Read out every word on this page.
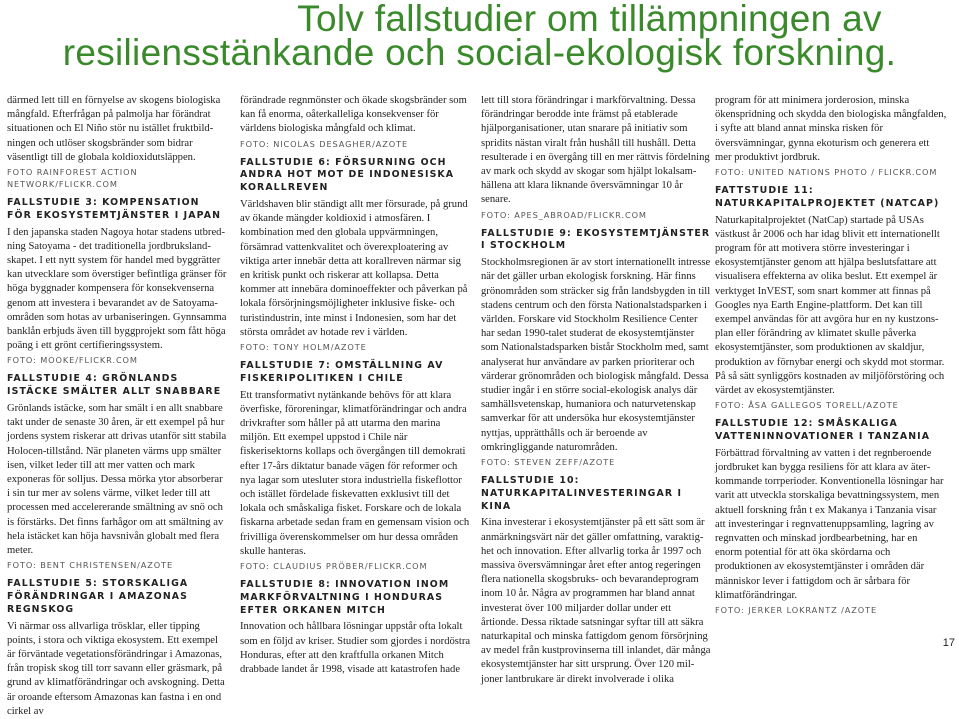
Tolv fallstudier om tillämpningen av
resiliensstänkande och social-ekologisk forskning.

därmed lett till en förnyelse av skogens biologiska mångfald. Efterfrågan på palmolja har förändrat situationen och El Niño stör nu istället fruktbildningen och utlöser skogsbränder som bidrar väsentligt till de globala koldioxidutsläppen.

FOTO RAINFOREST ACTION NETWORK/FLICKR.COM
FALLSTUDIE 3: KOMPENSATION FÖR EKOSYSTEMTJÄNSTER I JAPAN

I den japanska staden Nagoya hotar stadens utbredning Satoyama - det traditionella jordbrukslandskapet. I ett nytt system för handel med byggrätter kan utvecklare som överstiger befintliga gränser för höga byggnader kompensera för konsekvenserna genom att investera i bevarandet av de Satoyama-områden som hotas av urbaniseringen. Gynnsamma banklån erbjuds även till byggprojekt som fått höga poäng i ett grönt certifieringssystem.

FOTO: MOOKE/FLICKR.COM
FALLSTUDIE 4: GRÖNLANDS ISTÄCKE SMÄLTER ALLT SNABBARE

Grönlands istäcke, som har smält i en allt snabbare takt under de senaste 30 åren, är ett exempel på hur jordens system riskerar att drivas utanför sitt stabila Holocen-tillstånd. När planeten värms upp smälter isen, vilket leder till att mer vatten och mark exponeras för solljus. Dessa mörka ytor absorberar i sin tur mer av solens värme, vilket leder till att processen med accelererande smältning av snö och is förstärks. Det finns farhågor om att smältning av hela istäcket kan höja havsnivån globalt med flera meter.

FOTO: BENT CHRISTENSEN/AZOTE
FALLSTUDIE 5: STORSKALIGA FÖRÄNDRINGAR I AMAZONAS REGNSKOG

Vi närmar oss allvarliga trösklar, eller tipping points, i stora och viktiga ekosystem. Ett exempel är förväntade vegetationsförändringar i Amazonas, från tropisk skog till torr savann eller gräsmark, på grund av klimatförändringar och avskogning. Detta är oroande eftersom Amazonas kan fastna i en ond cirkel av

förändrade regnmönster och ökade skogsbränder som kan få enorma, oåterkalleliga konsekvenser för världens biologiska mångfald och klimat.

FOTO: NICOLAS DESAGHER/AZOTE
FALLSTUDIE 6: FÖRSURNING OCH ANDRA HOT MOT DE INDONESISKA KORALLREVEN

Världshaven blir ständigt allt mer försurade, på grund av ökande mängder koldioxid i atmosfären. I kombination med den globala uppvärmningen, försämrad vattenkvalitet och överexploatering av viktiga arter innebär detta att korallreven närmar sig en kritisk punkt och riskerar att kollapsa. Detta kommer att innebära dominoeffekter och påverkan på lokala försörjningsmöjligheter inklusive fiske- och turistindustrin, inte minst i Indonesien, som har det största området av hotade rev i världen.

FOTO: TONY HOLM/AZOTE
FALLSTUDIE 7: OMSTÄLLNING AV FISKERIPOLITIKEN I CHILE

Ett transformativt nytänkande behövs för att klara överfiske, föroreningar, klimatförändringar och andra drivkrafter som håller på att utarma den marina miljön. Ett exempel uppstod i Chile när fiskerisektorns kollaps och övergången till demokrati efter 17-års diktatur banade vägen för reformer och nya lagar som utesluter stora industriella fiskeflottor och istället fördelade fiskevatten exklusivt till det lokala och småskaliga fisket. Forskare och de lokala fiskarna arbetade sedan fram en gemensam vision och frivilliga överenskommelser om hur dessa områden skulle hanteras.

FOTO: CLAUDIUS PRÖBER/FLICKR.COM
FALLSTUDIE 8: INNOVATION INOM MARKFÖRVALTNING I HONDURAS EFTER ORKANEN MITCH

Innovation och hållbara lösningar uppstår ofta lokalt som en följd av kriser. Studier som gjordes i nordöstra Honduras, efter att den kraftfulla orkanen Mitch drabbade landet år 1998, visade att katastrofen hade

lett till stora förändringar i markförvaltning. Dessa förändringar berodde inte främst på etablerade hjälporganisationer, utan snarare på initiativ som spridits nästan viralt från hushåll till hushåll. Detta resulterade i en övergång till en mer rättvis fördelning av mark och skydd av skogar som hjälpt lokalsamhällena att klara liknande översvämningar 10 år senare.

FOTO: APES_ABROAD/FLICKR.COM
FALLSTUDIE 9: EKOSYSTEMTJÄNSTER I STOCKHOLM

Stockholmsregionen är av stort internationellt intresse när det gäller urban ekologisk forskning. Här finns grönområden som sträcker sig från landsbygden in till stadens centrum och den första Nationalstadsparken i världen. Forskare vid Stockholm Resilience Center har sedan 1990-talet studerat de ekosystemtjänster som Nationalstadsparken bistår Stockholm med, samt analyserat hur användare av parken prioriterar och värderar grönområden och biologisk mångfald. Dessa studier ingår i en större social-ekologisk analys där samhällsvetenskap, humaniora och naturvetenskap samverkar för att undersöka hur ekosystemtjänster nyttjas, upprätthålls och är beroende av omkringliggande naturområden.

FOTO: STEVEN ZEFF/AZOTE
FALLSTUDIE 10: NATURKAPITALINVESTERINGAR I KINA

Kina investerar i ekosystemtjänster på ett sätt som är anmärkningsvärt när det gäller omfattning, varaktighet och innovation. Efter allvarlig torka år 1997 och massiva översvämningar året efter antog regeringen flera nationella skogsbruks- och bevarandeprogram inom 10 år. Några av programmen har bland annat investerat över 100 miljarder dollar under ett årtionde. Dessa riktade satsningar syftar till att säkra naturkapital och minska fattigdom genom försörjning av medel från kustprovinserna till inlandet, där många ekosystemtjänster har sitt ursprung. Över 120 miljoner lantbrukare är direkt involverade i olika

program för att minimera jorderosion, minska ökenspridning och skydda den biologiska mångfalden, i syfte att bland annat minska risken för översvämningar, gynna ekoturism och generera ett mer produktivt jordbruk.

FOTO: UNITED NATIONS PHOTO / FLICKR.COM
FATTSTUDIE 11: NATURKAPITALPROJEKTET (NATCAP)

Naturkapitalprojektet (NatCap) startade på USAs västkust år 2006 och har idag blivit ett internationellt program för att motivera större investeringar i ekosystemtjänster genom att hjälpa beslutsfattare att visualisera effekterna av olika beslut. Ett exempel är verktyget InVEST, som snart kommer att finnas på Googles nya Earth Engine-plattform. Det kan till exempel användas för att avgöra hur en ny kustzonsplan eller förändring av klimatet skulle påverka ekosystemtjänster, som produktionen av skaldjur, produktion av förnybar energi och skydd mot stormar. På så sätt synliggörs kostnaden av miljöförstöring och värdet av ekosystemtjänster.

FOTO: ÅSA GALLEGOS TORELL/AZOTE
FALLSTUDIE 12: SMÅSKALIGA VATTENINNOVATIONER I TANZANIA

Förbättrad förvaltning av vatten i det regnberoende jordbruket kan bygga resiliens för att klara av äterkommande torrperioder. Konventionella lösningar har varit att utveckla storskaliga bevattningssystem, men aktuell forskning från t ex Makanya i Tanzania visar att investeringar i regnvattenuppsamling, lagring av regnvatten och minskad jordbearbetning, har en enorm potential för att öka skördarna och produktionen av ekosystemtjänster i områden där människor lever i fattigdom och är sårbara för klimatförändringar.

FOTO: JERKER LOKRANTZ /AZOTE
17
